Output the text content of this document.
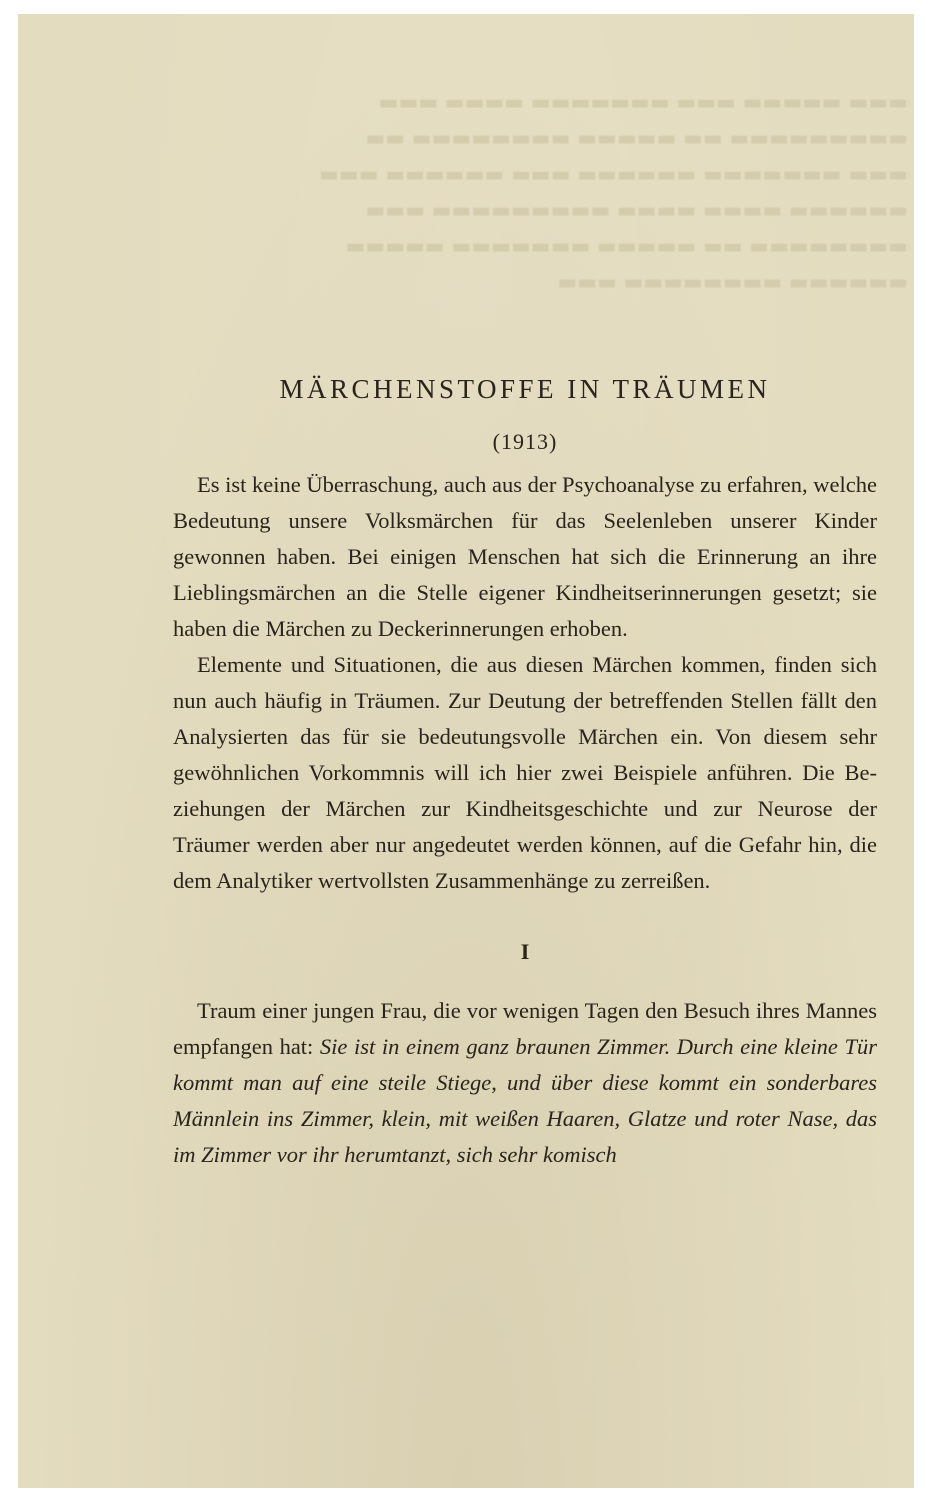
▬▬▬ ▬▬▬▬▬ ▬▬▬ ▬▬▬▬▬▬▬ ▬▬▬▬ ▬▬▬
▬▬▬▬▬▬▬▬▬ ▬▬ ▬▬▬▬▬ ▬▬▬▬▬▬▬▬ ▬▬
▬▬▬ ▬▬▬▬▬▬▬ ▬▬▬▬▬▬ ▬▬▬ ▬▬▬▬▬▬ ▬▬▬
▬▬▬▬▬▬ ▬▬▬▬ ▬▬▬▬ ▬▬▬▬▬▬▬▬▬ ▬▬▬
▬▬▬▬▬▬▬▬ ▬▬ ▬▬▬▬▬ ▬▬▬▬▬▬▬ ▬▬▬▬▬
▬▬▬▬▬▬ ▬▬▬▬▬▬▬▬ ▬▬▬
MÄRCHENSTOFFE IN TRÄUMEN
(1913)

Es ist keine Überraschung, auch aus der Psychoanalyse zu erfahren, welche Bedeutung unsere Volksmärchen für das Seelenleben unserer Kinder gewonnen haben. Bei einigen Menschen hat sich die Erinnerung an ihre Lieblingsmärchen an die Stelle eigener Kindheitserinnerungen gesetzt; sie haben die Märchen zu Deckerinnerungen erhoben.

Elemente und Situationen, die aus diesen Märchen kommen, finden sich nun auch häufig in Träumen. Zur Deutung der betreffenden Stellen fällt den Analysierten das für sie bedeutungsvolle Märchen ein. Von diesem sehr gewöhnlichen Vorkommnis will ich hier zwei Beispiele anführen. Die Beziehungen der Märchen zur Kindheitsgeschichte und zur Neurose der Träumer werden aber nur angedeutet werden können, auf die Gefahr hin, die dem Analytiker wertvollsten Zusammenhänge zu zerreißen.

I

Traum einer jungen Frau, die vor wenigen Tagen den Besuch ihres Mannes empfangen hat: Sie ist in einem ganz braunen Zimmer. Durch eine kleine Tür kommt man auf eine steile Stiege, und über diese kommt ein sonderbares Männlein ins Zimmer, klein, mit weißen Haaren, Glatze und roter Nase, das im Zimmer vor ihr herumtanzt, sich sehr komisch
